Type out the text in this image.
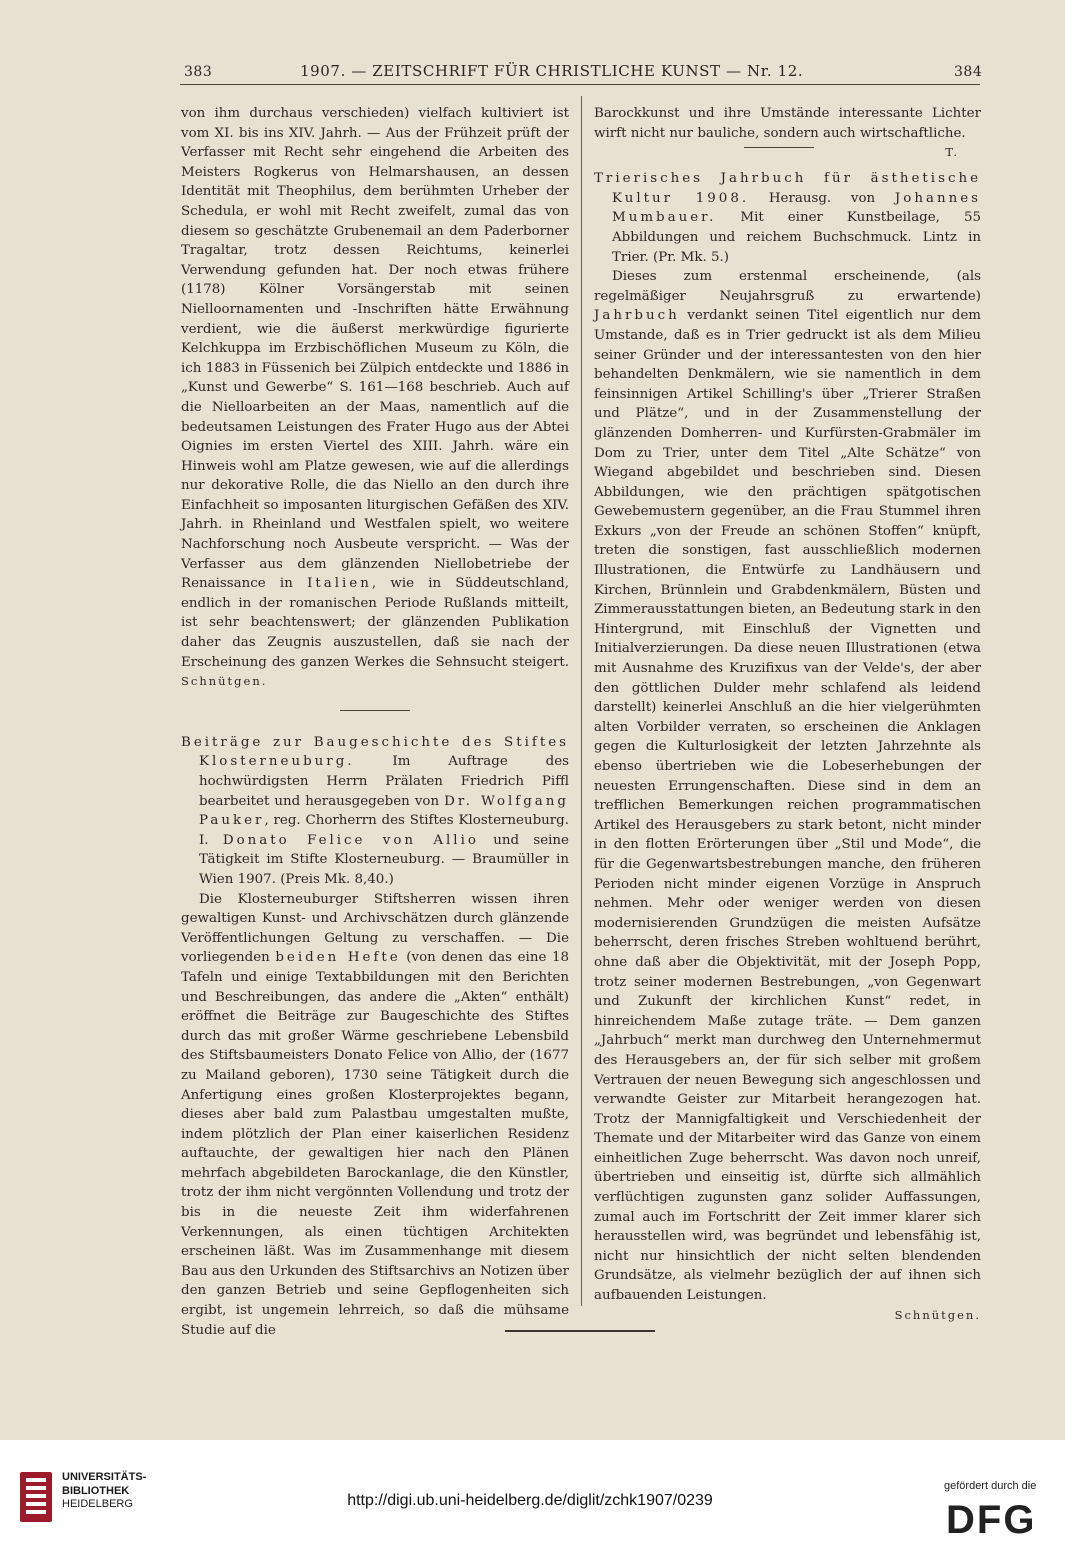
383	1907. — ZEITSCHRIFT FÜR CHRISTLICHE KUNST — Nr. 12.	384

von ihm durchaus verschieden) vielfach kultiviert ist vom XI. bis ins XIV. Jahrh. — Aus der Frühzeit prüft der Verfasser mit Recht sehr eingehend die Arbeiten des Meisters Rogkerus von Helmarshausen, an dessen Identität mit Theophilus, dem berühmten Urheber der Schedula, er wohl mit Recht zweifelt, zumal das von diesem so geschätzte Grubenemail an dem Paderborner Tragaltar, trotz dessen Reichtums, keinerlei Verwendung gefunden hat. Der noch etwas frühere (1178) Kölner Vorsängerstab mit seinen Nielloornamenten und -Inschriften hätte Erwähnung verdient, wie die äußerst merkwürdige figurierte Kelchkuppa im Erzbischöflichen Museum zu Köln, die ich 1883 in Füssenich bei Zülpich entdeckte und 1886 in „Kunst und Gewerbe“ S. 161—168 beschrieb. Auch auf die Nielloarbeiten an der Maas, namentlich auf die bedeutsamen Leistungen des Frater Hugo aus der Abtei Oignies im ersten Viertel des XIII. Jahrh. wäre ein Hinweis wohl am Platze gewesen, wie auf die allerdings nur dekorative Rolle, die das Niello an den durch ihre Einfachheit so imposanten liturgischen Gefäßen des XIV. Jahrh. in Rheinland und Westfalen spielt, wo weitere Nachforschung noch Ausbeute verspricht. — Was der Verfasser aus dem glänzenden Niellobetriebe der Renaissance in Italien, wie in Süddeutschland, endlich in der romanischen Periode Rußlands mitteilt, ist sehr beachtenswert; der glänzenden Publikation daher das Zeugnis auszustellen, daß sie nach der Erscheinung des ganzen Werkes die Sehnsucht steigert. Schnütgen.

Beiträge zur Baugeschichte des Stiftes Klosterneuburg.	Im Auftrage des hochwürdigsten Herrn Prälaten Friedrich Piffl bearbeitet und herausgegeben von Dr. Wolfgang Pauker, reg. Chorherrn des Stiftes Klosterneuburg. I. Donato Felice von Allio und seine Tätigkeit im Stifte Klosterneuburg. — Braumüller in Wien 1907. (Preis Mk. 8,40.)

Die Klosterneuburger Stiftsherren wissen ihren gewaltigen Kunst- und Archivschätzen durch glänzende Veröffentlichungen Geltung zu verschaffen. — Die vorliegenden beiden Hefte (von denen das eine 18 Tafeln und einige Textabbildungen mit den Berichten und Beschreibungen, das andere die „Akten“ enthält) eröffnet die Beiträge zur Baugeschichte des Stiftes durch das mit großer Wärme geschriebene Lebensbild des Stiftsbaumeisters Donato Felice von Allio, der (1677 zu Mailand geboren), 1730 seine Tätigkeit durch die Anfertigung eines großen Klosterprojektes begann, dieses aber bald zum Palastbau umgestalten mußte, indem plötzlich der Plan einer kaiserlichen Residenz auftauchte, der gewaltigen hier nach den Plänen mehrfach abgebildeten Barockanlage, die den Künstler, trotz der ihm nicht vergönnten Vollendung und trotz der bis in die neueste Zeit ihm widerfahrenen Verkennungen, als einen tüchtigen Architekten erscheinen läßt. Was im Zusammenhange mit diesem Bau aus den Urkunden des Stiftsarchivs an Notizen über den ganzen Betrieb und seine Gepflogenheiten sich ergibt, ist ungemein lehrreich, so daß die mühsame Studie auf die

Barockkunst und ihre Umstände interessante Lichter wirft nicht nur bauliche, sondern auch wirtschaftliche.

T.

Trierisches Jahrbuch für ästhetische Kultur 1908. Herausg. von Johannes Mumbauer. Mit einer Kunstbeilage, 55 Abbildungen und reichem Buchschmuck. Lintz in Trier. (Pr. Mk. 5.)

Dieses zum erstenmal erscheinende, (als regelmäßiger Neujahrsgruß zu erwartende) Jahrbuch verdankt seinen Titel eigentlich nur dem Umstande, daß es in Trier gedruckt ist als dem Milieu seiner Gründer und der interessantesten von den hier behandelten Denkmälern, wie sie namentlich in dem feinsinnigen Artikel Schilling's über „Trierer Straßen und Plätze“, und in der Zusammenstellung der glänzenden Domherren- und Kurfürsten-Grabmäler im Dom zu Trier, unter dem Titel „Alte Schätze“ von Wiegand abgebildet und beschrieben sind. Diesen Abbildungen, wie den prächtigen spätgotischen Gewebemustern gegenüber, an die Frau Stummel ihren Exkurs „von der Freude an schönen Stoffen“ knüpft, treten die sonstigen, fast ausschließlich modernen Illustrationen, die Entwürfe zu Landhäusern und Kirchen, Brünnlein und Grabdenkmälern, Büsten und Zimmerausstattungen bieten, an Bedeutung stark in den Hintergrund, mit Einschluß der Vignetten und Initialverzierungen. Da diese neuen Illustrationen (etwa mit Ausnahme des Kruzifixus van der Velde's, der aber den göttlichen Dulder mehr schlafend als leidend darstellt) keinerlei Anschluß an die hier vielgerühmten alten Vorbilder verraten, so erscheinen die Anklagen gegen die Kulturlosigkeit der letzten Jahrzehnte als ebenso übertrieben wie die Lobeserhebungen der neuesten Errungenschaften. Diese sind in dem an trefflichen Bemerkungen reichen programmatischen Artikel des Herausgebers zu stark betont, nicht minder in den flotten Erörterungen über „Stil und Mode“, die für die Gegenwartsbestrebungen manche, den früheren Perioden nicht minder eigenen Vorzüge in Anspruch nehmen. Mehr oder weniger werden von diesen modernisierenden Grundzügen die meisten Aufsätze beherrscht, deren frisches Streben wohltuend berührt, ohne daß aber die Objektivität, mit der Joseph Popp, trotz seiner modernen Bestrebungen, „von Gegenwart und Zukunft der kirchlichen Kunst“ redet, in hinreichendem Maße zutage träte. — Dem ganzen „Jahrbuch“ merkt man durchweg den Unternehmermut des Herausgebers an, der für sich selber mit großem Vertrauen der neuen Bewegung sich angeschlossen und verwandte Geister zur Mitarbeit herangezogen hat. Trotz der Mannigfaltigkeit und Verschiedenheit der Themate und der Mitarbeiter wird das Ganze von einem einheitlichen Zuge beherrscht. Was davon noch unreif, übertrieben und einseitig ist, dürfte sich allmählich verflüchtigen zugunsten ganz solider Auffassungen, zumal auch im Fortschritt der Zeit immer klarer sich herausstellen wird, was begründet und lebensfähig ist, nicht nur hinsichtlich der nicht selten blendenden Grundsätze, als vielmehr bezüglich der auf ihnen sich aufbauenden Leistungen.

Schnütgen.
UNIVERSITÄTS-
BIBLIOTHEK
HEIDELBERG	http://digi.ub.uni-heidelberg.de/diglit/zchk1907/0239
gefördert durch die
DFG
